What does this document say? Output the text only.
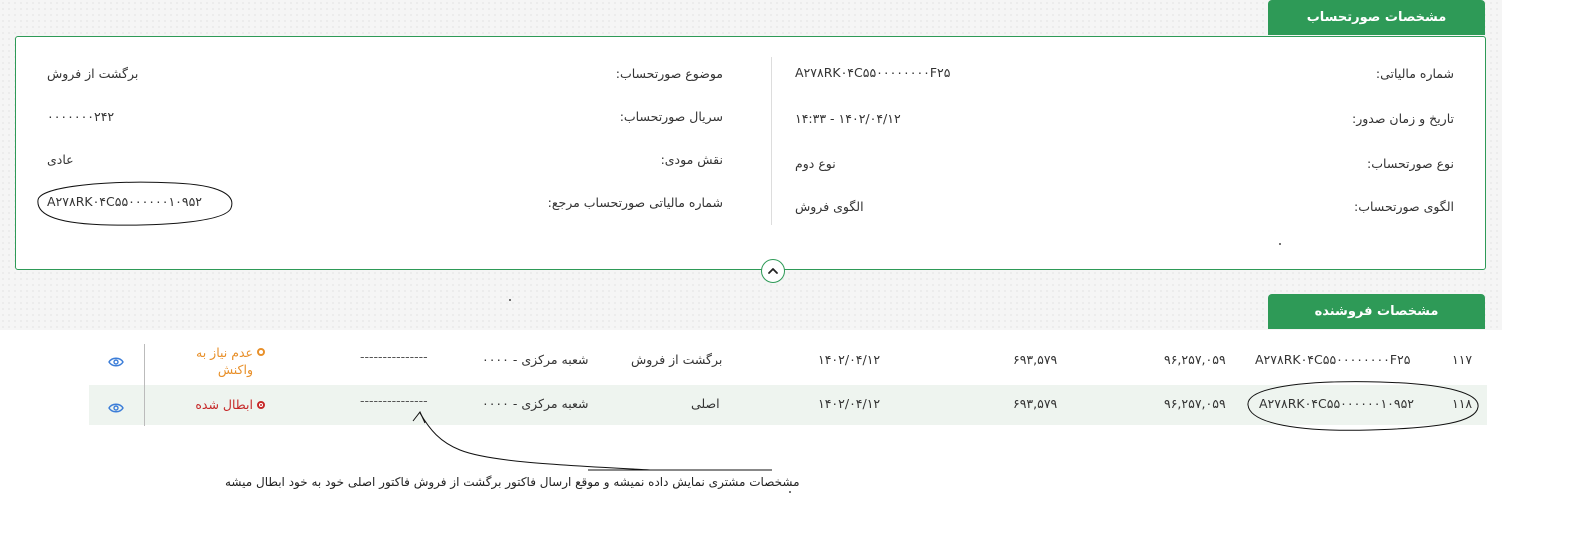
مشخصات صورتحساب
شماره مالیاتی:
تاریخ و زمان صدور:
نوع صورتحساب:
الگوی صورتحساب:
A۲۷۸RK۰۴C۵۵۰۰۰۰۰۰۰۰F۲۵
۱۴۰۲/۰۴/۱۲ - ۱۴:۳۳
نوع دوم
الگوی فروش
موضوع صورتحساب:
سریال صورتحساب:
نقش مودی:
شماره مالیاتی صورتحساب مرجع:
برگشت از فروش
۰۰۰۰۰۰۰۲۴۲
عادی
A۲۷۸RK۰۴C۵۵۰۰۰۰۰۰۱۰۹۵۲
مشخصات فروشنده
۱۱۷
A۲۷۸RK۰۴C۵۵۰۰۰۰۰۰۰۰F۲۵
۹۶,۲۵۷,۰۵۹
۶۹۳,۵۷۹
۱۴۰۲/۰۴/۱۲
برگشت از فروش
شعبه مرکزی - ۰۰۰۰
---------------
عدم نیاز به واکنش
۱۱۸
A۲۷۸RK۰۴C۵۵۰۰۰۰۰۰۱۰۹۵۲
۹۶,۲۵۷,۰۵۹
۶۹۳,۵۷۹
۱۴۰۲/۰۴/۱۲
اصلی
شعبه مرکزی - ۰۰۰۰
---------------
ابطال شده
مشخصات مشتری نمایش داده نمیشه و موقع ارسال فاکتور برگشت از فروش فاکتور اصلی خود به خود ابطال میشه
